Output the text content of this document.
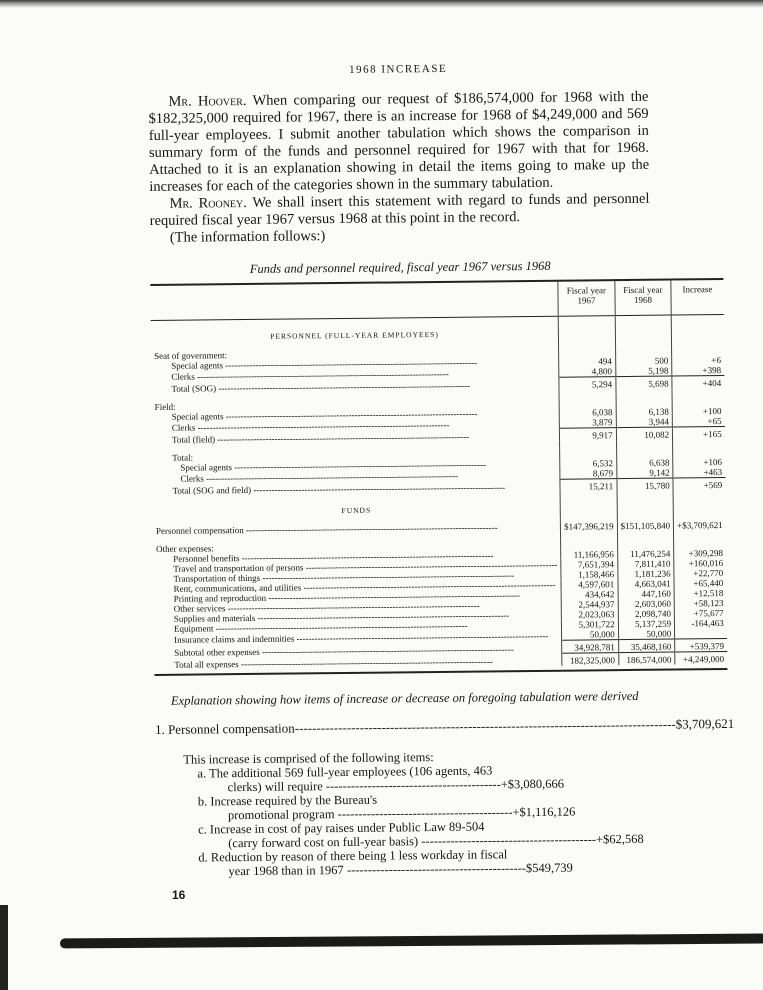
1968 INCREASE

Mr. Hoover. When comparing our request of $186,574,000 for 1968 with the $182,325,000 required for 1967, there is an increase for 1968 of $4,249,000 and 569 full-year employees. I submit another tabulation which shows the comparison in summary form of the funds and personnel required for 1967 with that for 1968. Attached to it is an explanation showing in detail the items going to make up the increases for each of the categories shown in the summary tabulation.

Mr. Rooney. We shall insert this statement with regard to funds and personnel required fiscal year 1967 versus 1968 at this point in the record.

(The information follows:)

Funds and personnel required, fiscal year 1967 versus 1968
	Fiscal year 1967	Fiscal year 1968	Increase
PERSONNEL (FULL-YEAR EMPLOYEES)			
Seat of government:			

Special agents -----	494	500	+6

Clerks -----	4,800	5,198	+398

Total (SOG) -----	5,294	5,698	+404

Field:			

Special agents -----	6,038	6,138	+100

Clerks -----	3,879	3,944	+65

Total (field) -----	9,917	10,082	+165

Total:			

Special agents -----	6,532	6,638	+106

Clerks -----	8,679	9,142	+463

Total (SOG and field) -----	15,211	15,780	+569
FUNDS			

Personnel compensation -----	$147,396,219	$151,105,840	+$3,709,621

Other expenses:			

Personnel benefits -----	11,166,956	11,476,254	+309,298

Travel and transportation of persons -----	7,651,394	7,811,410	+160,016

Transportation of things -----	1,158,466	1,181,236	+22,770

Rent, communications, and utilities -----	4,597,601	4,663,041	+65,440

Printing and reproduction -----	434,642	447,160	+12,518

Other services -----	2,544,937	2,603,060	+58,123

Supplies and materials -----	2,023,063	2,098,740	+75,677

Equipment -----	5,301,722	5,137,259	-164,463

Insurance claims and indemnities -----	50,000	50,000	

Subtotal other expenses -----	34,928,781	35,468,160	+539,379

Total all expenses -----	182,325,000	186,574,000	+4,249,000

Explanation showing how items of increase or decrease on foregoing tabulation were derived
1. Personnel compensation -----	$3,709,621
This increase is comprised of the following items:
a. The additional 569 full-year employees (106 agents, 463
clerks) will require ------------------------------------------ +$3,080,666
b. Increase required by the Bureau's
promotional program ------------------------------------------ +$1,116,126
c. Increase in cost of pay raises under Public Law 89-504
(carry forward cost on full-year basis) ------------------------------------------ +$62,568
d. Reduction by reason of there being 1 less workday in fiscal
year 1968 than in 1967 ------------------------------------------ -$549,739
16
